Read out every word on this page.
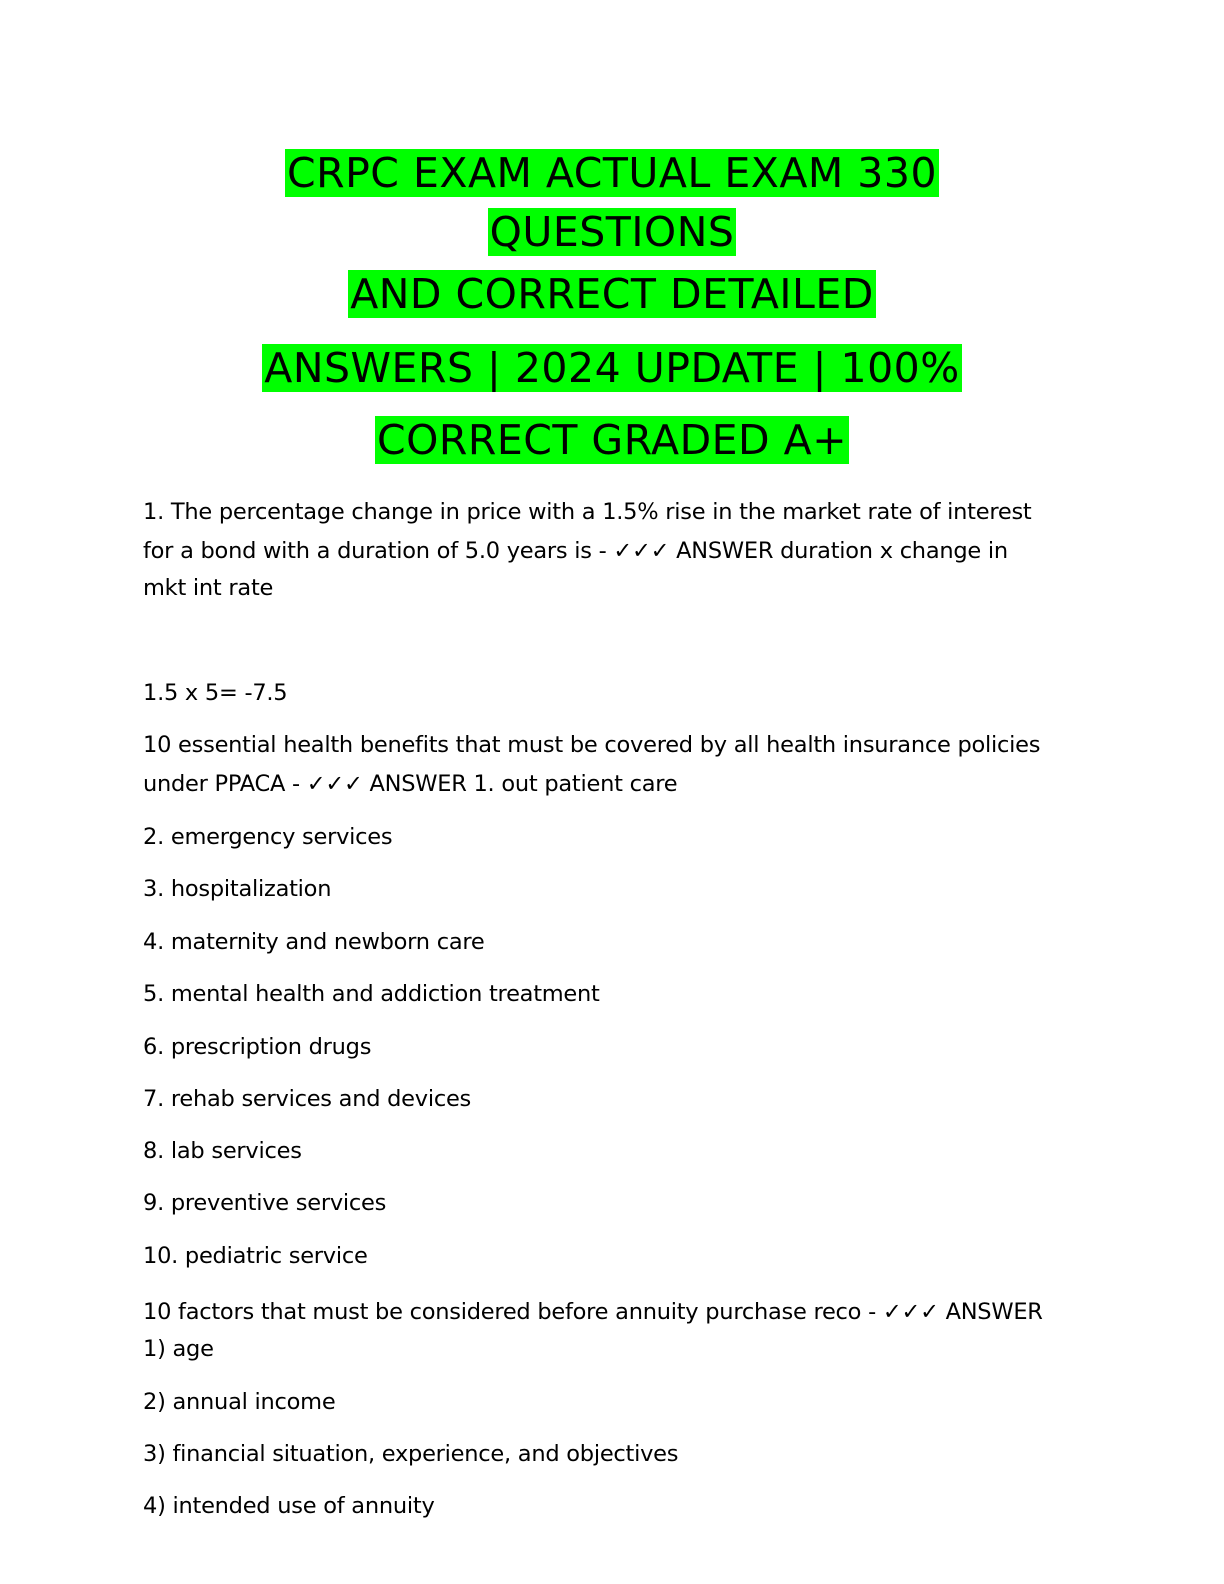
CRPC EXAM ACTUAL EXAM 330
QUESTIONS
AND CORRECT DETAILED
ANSWERS | 2024 UPDATE | 100%
CORRECT GRADED A+
1. The percentage change in price with a 1.5% rise in the market rate of interest
for a bond with a duration of 5.0 years is - ✓✓✓ ANSWER duration x change in
mkt int rate
1.5 x 5= -7.5
10 essential health benefits that must be covered by all health insurance policies
under PPACA - ✓✓✓ ANSWER 1. out patient care
2. emergency services
3. hospitalization
4. maternity and newborn care
5. mental health and addiction treatment
6. prescription drugs
7. rehab services and devices
8. lab services
9. preventive services
10. pediatric service
10 factors that must be considered before annuity purchase reco - ✓✓✓ ANSWER
1) age
2) annual income
3) financial situation, experience, and objectives
4) intended use of annuity
